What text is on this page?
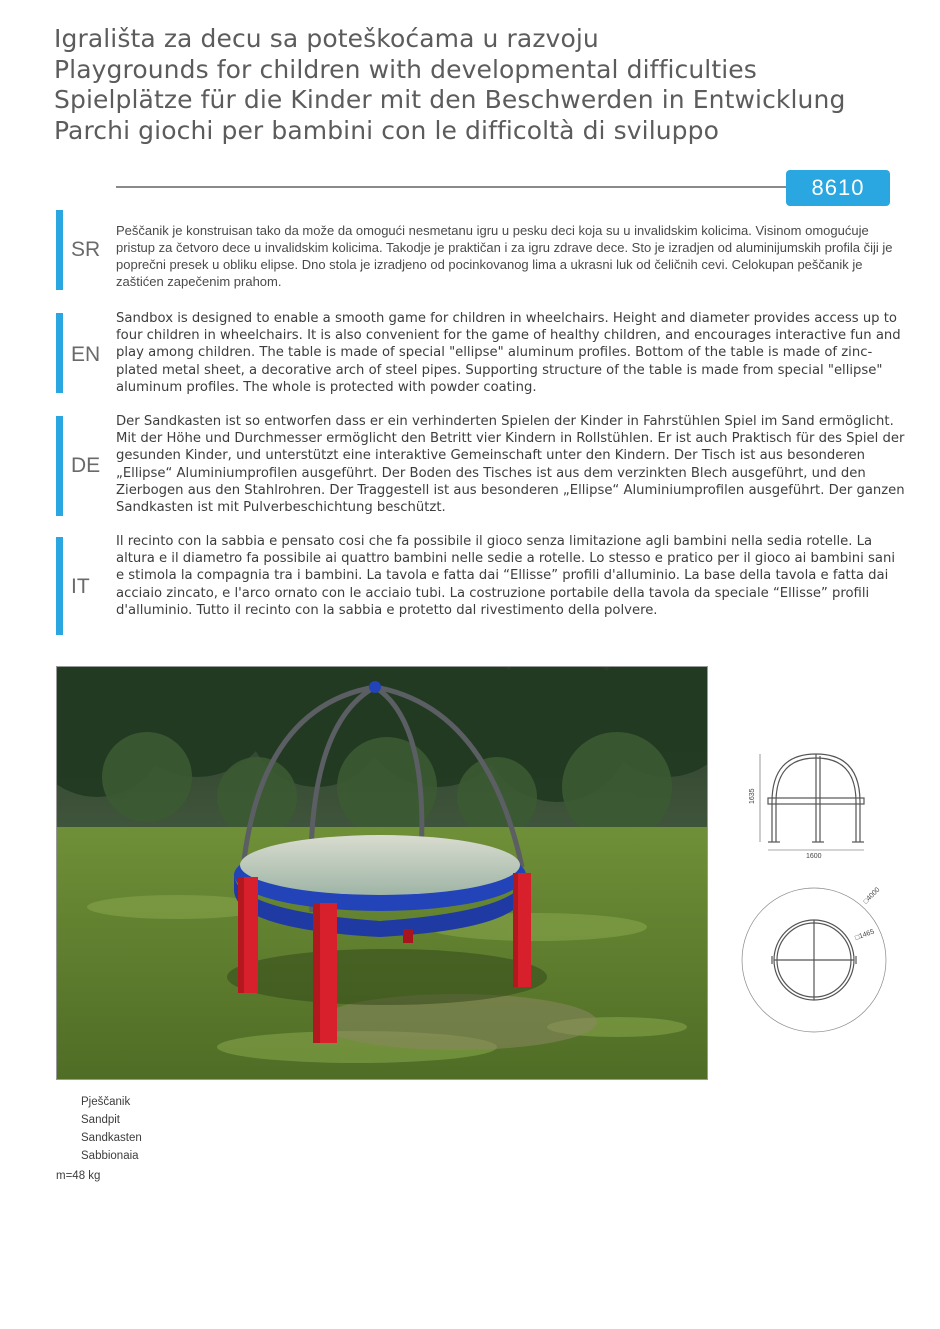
Igrališta za decu sa poteškoćama u razvoju
Playgrounds for children with developmental difficulties
Spielplätze für die Kinder mit den Beschwerden in Entwicklung
Parchi giochi per bambini con le difficoltà di sviluppo
8610
SR

Peščanik je konstruisan tako da može da omogući nesmetanu igru u pesku deci koja su u invalidskim kolicima. Visinom omogućuje pristup za četvoro dece u invalidskim kolicima. Takodje je praktičan i za igru zdrave dece. Sto je izradjen od aluminijumskih profila čiji je poprečni presek u obliku elipse. Dno stola je izradjeno od pocinkovanog lima a ukrasni luk od čeličnih cevi. Celokupan peščanik je zaštićen zapečenim prahom.

EN

Sandbox is designed to enable a smooth game for children in wheelchairs. Height and diameter provides access up to four children in wheelchairs. It is also convenient for the game of healthy children, and encourages interactive fun and play among children. The table is made of special "ellipse" aluminum profiles. Bottom of the table is made of zinc-plated metal sheet, a decorative arch of steel pipes. Supporting structure of the table is made from special "ellipse" aluminum profiles. The whole is protected with powder coating.

DE

Der Sandkasten ist so entworfen dass er ein verhinderten Spielen der Kinder in Fahrstühlen Spiel im Sand ermöglicht. Mit der Höhe und Durchmesser ermöglicht den Betritt vier Kindern in Rollstühlen. Er ist auch Praktisch für des Spiel der gesunden Kinder, und unterstützt eine interaktive Gemeinschaft unter den Kindern. Der Tisch ist aus besonderen „Ellipse“ Aluminiumprofilen ausgeführt. Der Boden des Tisches ist aus dem verzinkten Blech ausgeführt, und den Zierbogen aus den Stahlrohren. Der Traggestell ist aus besonderen „Ellipse“ Aluminiumprofilen ausgeführt. Der ganzen Sandkasten ist mit Pulverbeschichtung beschützt.

IT

Il recinto con la sabbia e pensato cosi che fa possibile il gioco senza limitazione agli bambini nella sedia rotelle. La altura e il diametro fa possibile ai quattro bambini nelle sedie a rotelle. Lo stesso e pratico per il gioco ai bambini sani e stimola la compagnia tra i bambini. La tavola e fatta dai “Ellisse” profili d'alluminio. La base della tavola e fatta dai acciaio zincato, e l'arco ornato con le acciaio tubi. La costruzione portabile della tavola da speciale “Ellisse” profili d'alluminio. Tutto il recinto con la sabbia e protetto dal rivestimento della polvere.

1635
1600
□4000
□1465
Pješčanik
Sandpit
Sandkasten
Sabbionaia
m=48 kg
